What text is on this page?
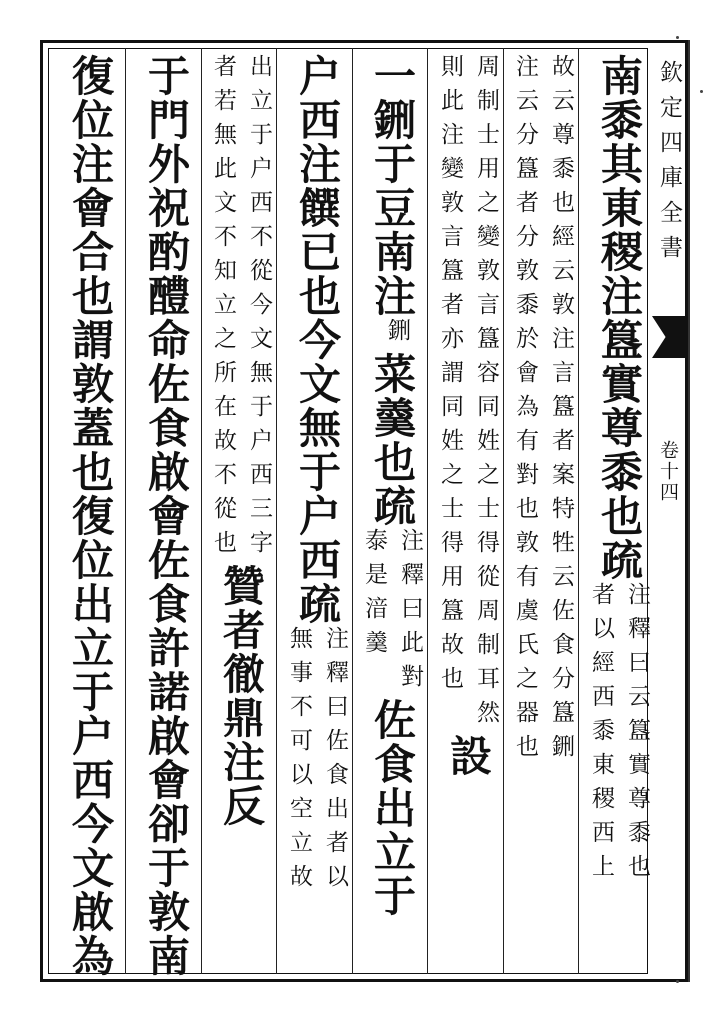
欽定四庫全書
卷十四
南黍其東稷注簋實尊黍也疏
注釋曰云簋實尊黍也
者以經西黍東稷西上
故云尊黍也經云敦注言簋者案特牲云佐食分簋鉶
注云分簋者分敦黍於會為有對也敦有虞氏之器也
周制士用之變敦言簋容同姓之士得從周制耳然
則此注變敦言簋者亦謂同姓之士得用簋故也
設
一鉶于豆南注
鉶
菜羹也疏
注釋曰此對
泰是湆羹
佐食出立于
户西注饌已也今文無于户西疏
注釋曰佐食出者以
無事不可以空立故
出立于户西不從今文無于户西三字
者若無此文不知立之所在故不從也
贊者徹鼎注反
于門外祝酌醴命佐食啟會佐食許諾啟會卻于敦南
復位注會合也謂敦蓋也復位出立于户西今文啟為
